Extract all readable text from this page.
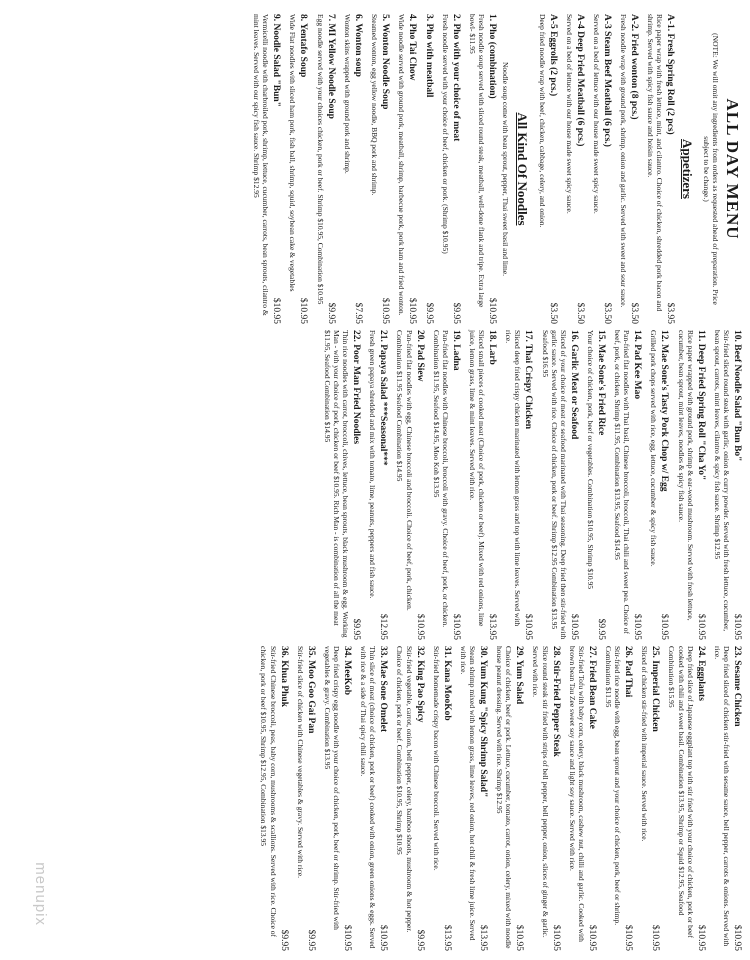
ALL DAY MENU
(NOTE: We will omit any ingredients from orders as requested ahead of preparation. Price subject to be change.)
Appetizers
A-1. Fresh Spring Roll (2 pcs)
$3.95
Rice paper wrap with fresh lettuce, mint, and cilantro. Choice of chicken, shredded pork bacon and shrimp. Served with spicy fish sauce and hoisin sauce.
A-2. Fried wonton (8 pcs.)
$3.50
Fresh noodle wrap with ground pork, shrimp, onion and garlic. Served with sweet and sour sauce.
A-3 Steam Beef Meatball (6 pcs.)
$3.50
Served on a bed of lettuce with our house made sweet spicy sauce.
A-4 Deep Fried Meatball (6 pcs.)
$3.50
Served on a bed of lettuce with our house made sweet spicy sauce.
A-5 Eggrolls (2 pcs.)
$3.50
Deep fried noodle wrap with beef, chicken, cabbage, celery, and onion.
All Kind Of Noodles
Noodle soup come with bean sprout, pepper, Thai sweet basil and lime.
1. Pho (combination)
$10.95
Fresh noodle soup served with sliced round steak, meatball, well-done flank and tripe. Extra large bowl- $11.95
2. Pho with your choice of meat
$9.95
Fresh noodle served with your choice of beef, chicken or pork. (Shrimp $10.95)
3. Pho with meatball
$9.95
4. Pho Tai Chow
$10.95
Wide noodle served with ground pork, meatball, shrimp, barbecue pork, pork ham and fried wonton.
5. Wonton Noodle Soup
$10.95
Steamed wonton, egg yellow noodle, BBQ pork and shrimp.
6. Wonton soup
$7.95
Wonton skins wrapped with ground pork and shrimp.
7. MI Yellow Noodle Soup
$9.95
Egg noodle served with your choices chicken, pork or beef. Shrimp $10.95, Combination $10.95
8. Yentafo Soup
$10.95
Wide Flat noodles with sliced ham pork, fish ball, shrimp, squid, soybean cake & vegetables
9. Noodle Salad "Bun"
$10.95
Vermicelli noodle with charbroiled pork, shrimp, lettuce, cucumber, carrots, bean sprouts, cilantro & mint leaves. Served with our spicy fish sauce. Shrimp $12.95
10. Beef Noodle Salad "Bun Bo"
$10.95
Stir-fried sliced round steak with garlic, onion & curry powder. Served with fresh lettuce, cucumber, bean sprout, carrots, mint leaves, cilantro & spicy fish sauce. Shrimp $12.95
11. Deep Fried Spring Roll "Cha Yo"
$10.95
Rice paper wrapped with ground pork, shrimp & ear-wood mushroom. Served with fresh lettuce, cucumber, bean sprout, mint leaves, noodles & spicy fish sauce.
12. Mae Sone's Tasty Pork Chop w/ Egg
$10.95
Grilled pork chops served with rice, egg, lettuce, cucumber & spicy fish sauce.
14. Pad Kee Mao
$10.95
Pan-fried flat noodles with Thai basil, Chinese broccoli, broccoli, Thai chili and sweet pea. Choice of beef, pork, or chicken, Shrimp $11.95, Combination $13.95, Seafood $14.95
15. Mae Sone's Fried Rice
$9.95
Your choice of chicken, pork, beef or vegetables. Combination $10.95, Shrimp $10.95
16. Garlic Meat or Seafood
$10.95
Sliced of your choice of meat or seafood marinated with Thai seasoning. Deep fried then stir-fried with garlic sauce. Served with rice. Choice of chicken, pork or beef. Shrimp $12.95 Combination $13.95 Seafood $16.95
17. Thai Crispy Chicken
$10.95
Sliced deep fried crispy chicken marinated with lemon grass and top with lime leaves. Served with rice.
18. Larb
$13.95
Sliced small pieces of cooked meat (Choice of pork, chicken or beef). Mixed with red onions, lime juice, lemon grass, lime & mint leaves. Served with rice.
19. Ladna
$10.95
Pan-fried flat noodles with Chinese broccoli, broccoli with gravy. Choice of beef, pork, or chicken. Combination $11.95, Seafood $14.95, Moo Koh $13.95
20. Pad Siew
$10.95
Pan-fried flat noodles with egg, Chinese broccoli and broccoli. Choice of beef, pork, chicken. Combination $11.95 Seafood Combination $14.95
21. Papaya Salad ***Seasonal***
$12.95
Fresh green papaya shredded and mix with tomato, lime, peanuts, peppers and fish sauce.
22. Poor Man Fried Noodles
$9.95
Thin rice noodles with carrot, broccoli, chives, lettuce, bean sprouts, black mushroom & egg. Working Man - with your choice of pork, chicken or beef $10.95. Rich Man - is combination of all the meat $11.95, Seafood Combination $14.95
23. Sesame Chicken
$10.95
Deep fried sliced of chicken stir-fried with sesame sauce, bell pepper, carrots & onions. Served with rice.
24. Eggplants
$10.95
Deep fried slice of Japanese eggplant top with stir fried with your choice of chicken, pork or beef cooked with chili and sweet basil. Combination $13.95, Shrimp or Squid $12.95, Seafood Combination $15.95
25. Imperial Chicken
$10.95
Sliced of chicken stir-fried with imperial sauce. Served with rice.
26. Pad Thai
$10.95
Stir-fried rice noodle with egg, bean sprout and your choice of chicken, pork, beef or shrimp. Combination $11.95
27. Fried Bean Cake
$10.95
Stir-fried Tofu with baby corn, celery, black mushroom, cashew nut, chilli and garlic. Cooked with brown bean Tau Zee sweet soy sauce and light soy sauce. Served with rice.
28. Stir-Fried Pepper Steak
$10.95
Slice round steak stir fried with strips of bell pepper, bell pepper, onion, slices of ginger & garlic. Served with rice.
29. Yum Salad
$10.95
Choice of chicken, beef or pork. Lettuce, cucumber, tomato, carrot, onion, celery, mixed with noodle house peanut dressing. Served with rice. Shrimp $12.95
30. Yum Kung "Spicy Shrimp Salad"
$13.95
Steam shrimp mixed with lemon grass, lime leaves, red onion, hot chili & fresh lime juice. Served with rice.
31. Kana MooKob
$13.95
Stir-fried homemade crispy bacon with Chinese broccoli. Served with rice.
32. King Pao Spicy
$9.95
Stir-fried vegetable, carrot, onion, bell pepper, celery, bamboo shoots, mushroom & hot pepper. Choice of chicken, pork or beef. Combination $10.95, Shrimp $10.95
33. Mae Sone Omelet
$10.95
Thin slice of meat (choice of chicken, pork or beef) cooked with onion, green onions & eggs. Served with rice & a side of Thai spicy chili sauce.
34. MeeKob
$10.95
Deep fried crispy egg noodle with your choice of chicken, pork, beef or shrimp. Stir-fried with vegetables & gravy. Combination $13.95
35. Moo Goo Gai Pan
$9.95
Stir-fried slice of chicken with Chinese vegetables & gravy. Served with rice.
36. Khua Phuk
$9.95
Stir-fried Chinese broccoli, peas, baby corn, mushrooms & scallions. Served with rice. Choice of chicken, pork or beef $10.95, Shrimp $12.95, Combination $13.95
menupix
